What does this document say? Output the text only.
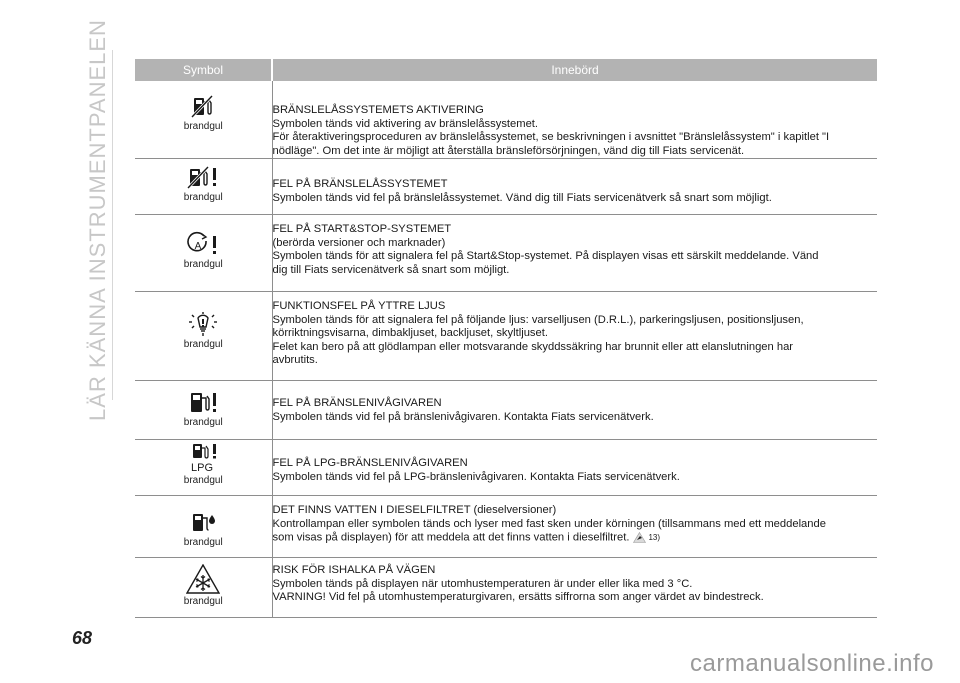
LÄR KÄNNA INSTRUMENTPANELEN	Symbol	Innebörd

brandgul	BRÄNSLELÅSSYSTEMETS AKTIVERING
Symbolen tänds vid aktivering av bränslelåssystemet.
För återaktiveringsproceduren av bränslelåssystemet, se beskrivningen i avsnittet "Bränslelåssystem" i kapitlet "I
nödläge". Om det inte är möjligt att återställa bränsleförsörjningen, vänd dig till Fiats servicenät.

brandgul	FEL PÅ BRÄNSLELÅSSYSTEMET
Symbolen tänds vid fel på bränslelåssystemet. Vänd dig till Fiats servicenätverk så snart som möjligt.

A
brandgul	FEL PÅ START&STOP-SYSTEMET
(berörda versioner och marknader)
Symbolen tänds för att signalera fel på Start&Stop-systemet. På displayen visas ett särskilt meddelande. Vänd
dig till Fiats servicenätverk så snart som möjligt.

brandgul	FUNKTIONSFEL PÅ YTTRE LJUS
Symbolen tänds för att signalera fel på följande ljus: varselljusen (D.R.L.), parkeringsljusen, positionsljusen,
körriktningsvisarna, dimbakljuset, backljuset, skyltljuset.
Felet kan bero på att glödlampan eller motsvarande skyddssäkring har brunnit eller att elanslutningen har
avbrutits.

brandgul	FEL PÅ BRÄNSLENIVÅGIVAREN
Symbolen tänds vid fel på bränslenivågivaren. Kontakta Fiats servicenätverk.

LPG
brandgul	FEL PÅ LPG-BRÄNSLENIVÅGIVAREN
Symbolen tänds vid fel på LPG-bränslenivågivaren. Kontakta Fiats servicenätverk.

brandgul	DET FINNS VATTEN I DIESELFILTRET (dieselversioner)
Kontrollampan eller symbolen tänds och lyser med fast sken under körningen (tillsammans med ett meddelande
som visas på displayen) för att meddela att det finns vatten i dieselfiltret. 13)

brandgul	RISK FÖR ISHALKA PÅ VÄGEN
Symbolen tänds på displayen när utomhustemperaturen är under eller lika med 3 °C.
VARNING! Vid fel på utomhustemperaturgivaren, ersätts siffrorna som anger värdet av bindestreck.
68
carmanualsonline.info
